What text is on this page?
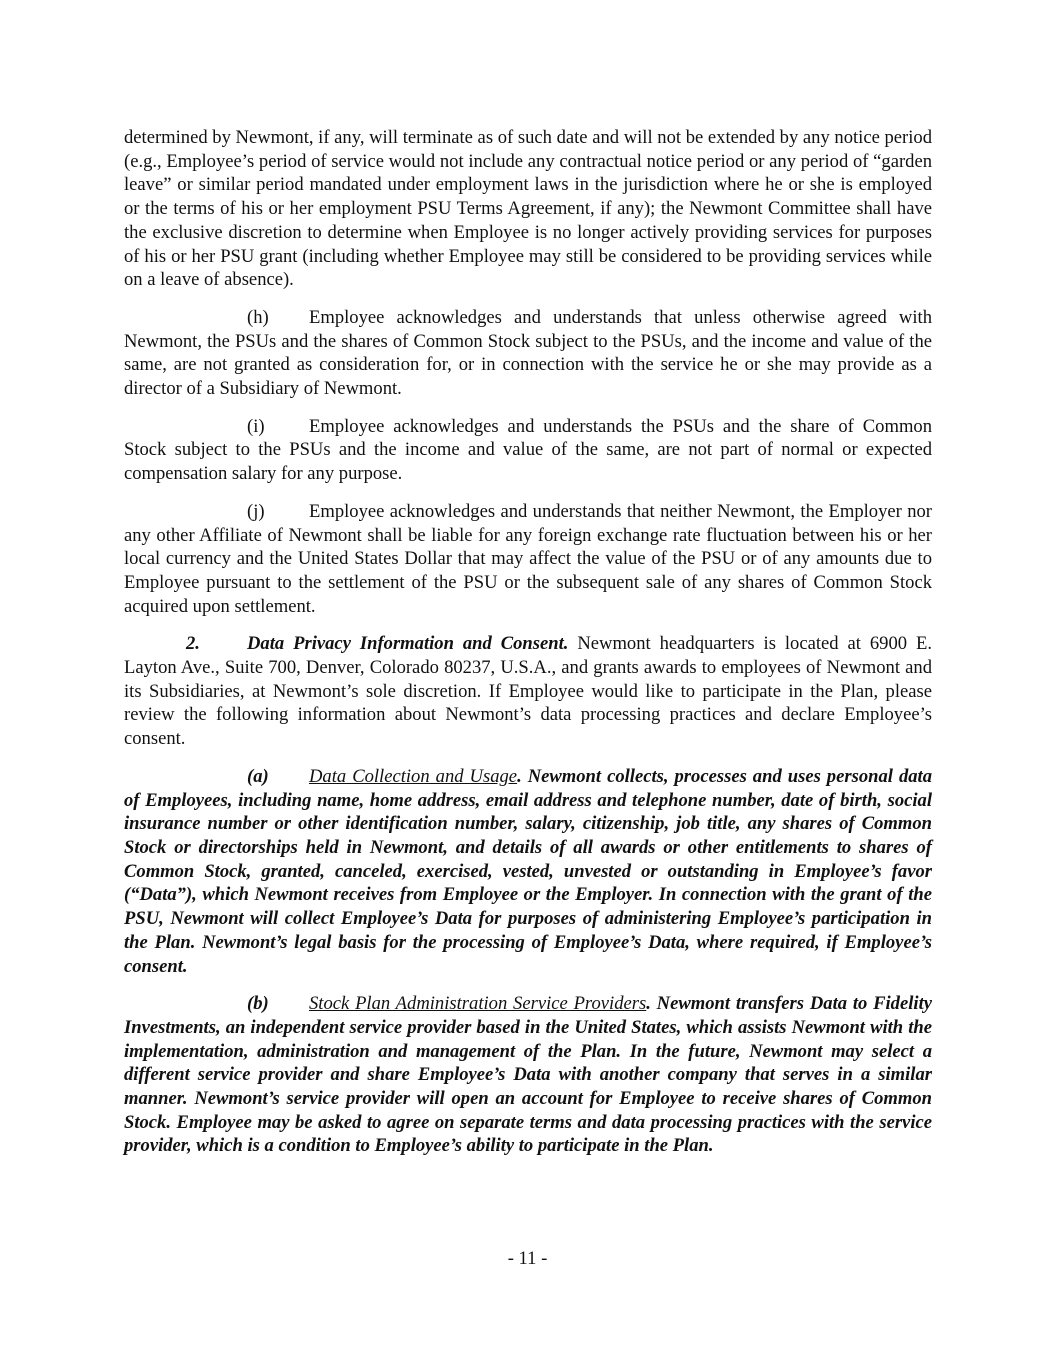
determined by Newmont, if any, will terminate as of such date and will not be extended by any notice period (e.g., Employee’s period of service would not include any contractual notice period or any period of “garden leave” or similar period mandated under employment laws in the jurisdiction where he or she is employed or the terms of his or her employment PSU Terms Agreement, if any); the Newmont Committee shall have the exclusive discretion to determine when Employee is no longer actively providing services for purposes of his or her PSU grant (including whether Employee may still be considered to be providing services while on a leave of absence).

(h) Employee acknowledges and understands that unless otherwise agreed with Newmont, the PSUs and the shares of Common Stock subject to the PSUs, and the income and value of the same, are not granted as consideration for, or in connection with the service he or she may provide as a director of a Subsidiary of Newmont.

(i) Employee acknowledges and understands the PSUs and the share of Common Stock subject to the PSUs and the income and value of the same, are not part of normal or expected compensation salary for any purpose.

(j) Employee acknowledges and understands that neither Newmont, the Employer nor any other Affiliate of Newmont shall be liable for any foreign exchange rate fluctuation between his or her local currency and the United States Dollar that may affect the value of the PSU or of any amounts due to Employee pursuant to the settlement of the PSU or the subsequent sale of any shares of Common Stock acquired upon settlement.

2.	Data Privacy Information and Consent. Newmont headquarters is located at 6900 E. Layton Ave., Suite 700, Denver, Colorado 80237, U.S.A., and grants awards to employees of Newmont and its Subsidiaries, at Newmont’s sole discretion. If Employee would like to participate in the Plan, please review the following information about Newmont’s data processing practices and declare Employee’s consent.

(a) Data Collection and Usage. Newmont collects, processes and uses personal data of Employees, including name, home address, email address and telephone number, date of birth, social insurance number or other identification number, salary, citizenship, job title, any shares of Common Stock or directorships held in Newmont, and details of all awards or other entitlements to shares of Common Stock, granted, canceled, exercised, vested, unvested or outstanding in Employee’s favor (“Data”), which Newmont receives from Employee or the Employer. In connection with the grant of the PSU, Newmont will collect Employee’s Data for purposes of administering Employee’s participation in the Plan. Newmont’s legal basis for the processing of Employee’s Data, where required, if Employee’s consent.

(b) Stock Plan Administration Service Providers. Newmont transfers Data to Fidelity Investments, an independent service provider based in the United States, which assists Newmont with the implementation, administration and management of the Plan. In the future, Newmont may select a different service provider and share Employee’s Data with another company that serves in a similar manner. Newmont’s service provider will open an account for Employee to receive shares of Common Stock. Employee may be asked to agree on separate terms and data processing practices with the service provider, which is a condition to Employee’s ability to participate in the Plan.

- 11 -
